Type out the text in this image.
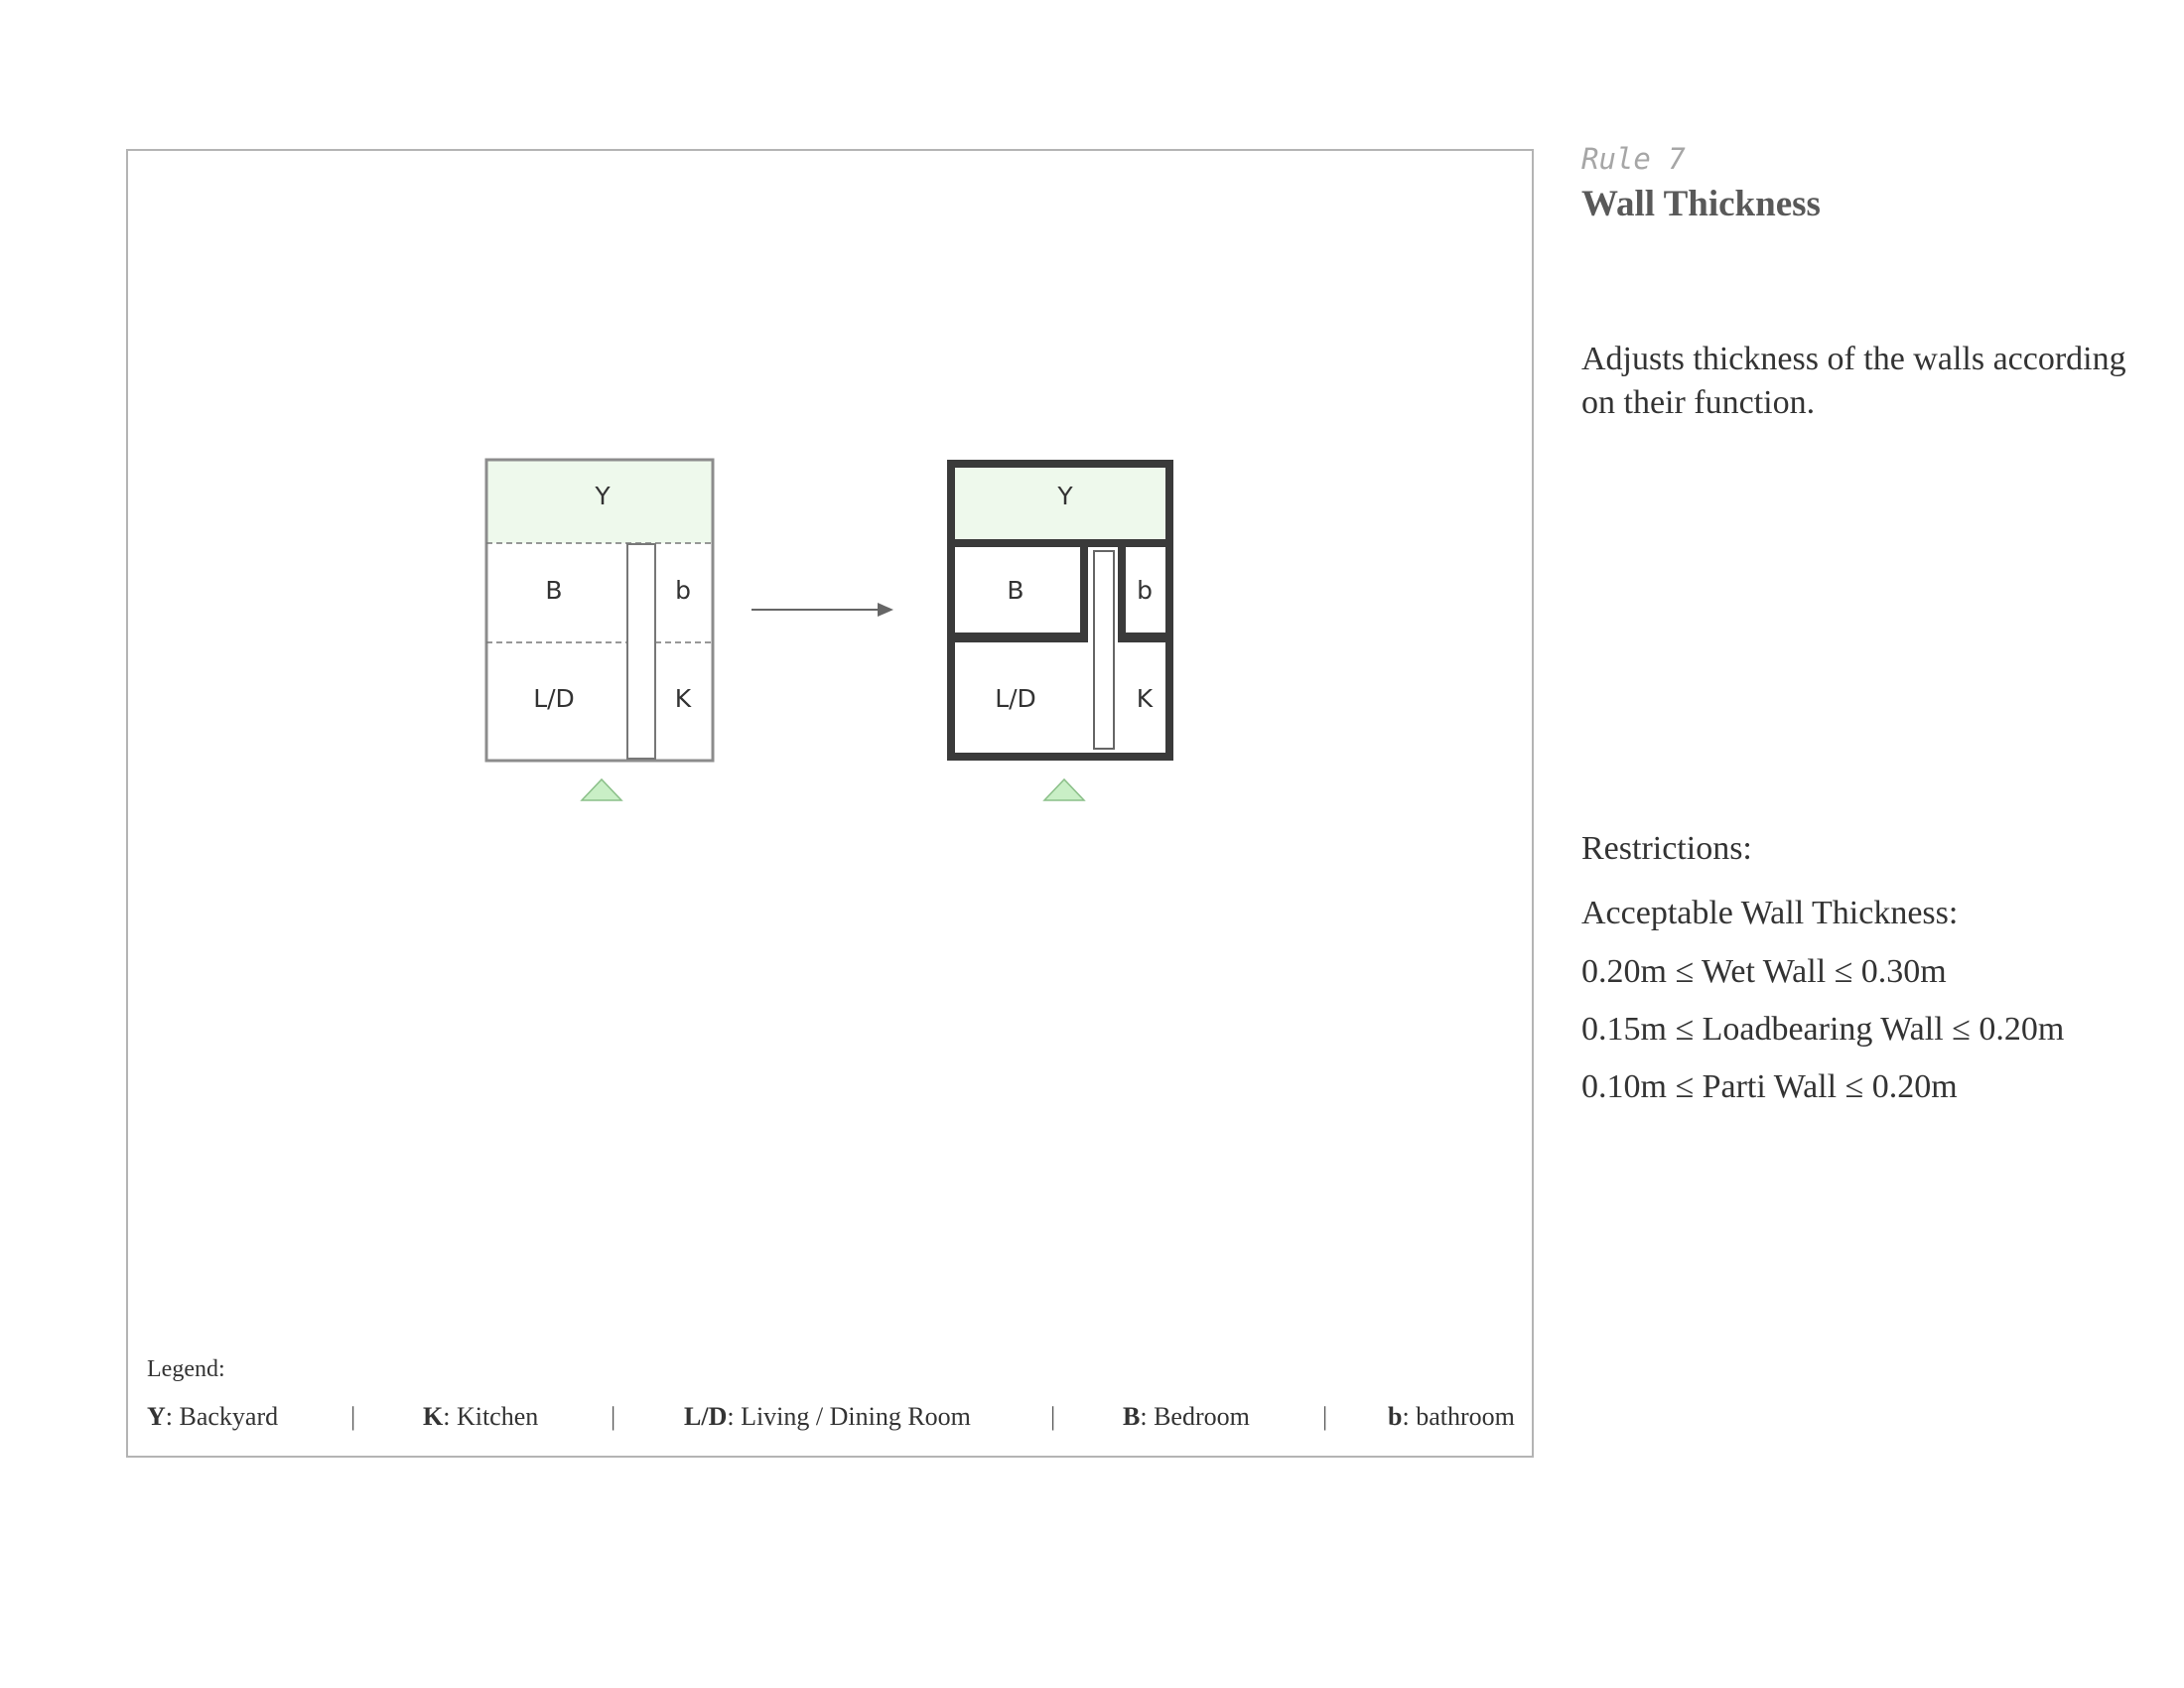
Y
B	b
L/D	K
Y
B	b
L/D	K
Legend:
Y: Backyard	|	K: Kitchen	|	L/D: Living / Dining Room	|	B: Bedroom	| b: bathroom
Rule 7
Wall Thickness
Adjusts thickness of the walls according on their function.
Restrictions:
Acceptable Wall Thickness:
0.20m ≤ Wet Wall ≤ 0.30m
0.15m ≤ Loadbearing Wall ≤ 0.20m
0.10m ≤ Parti Wall ≤ 0.20m
